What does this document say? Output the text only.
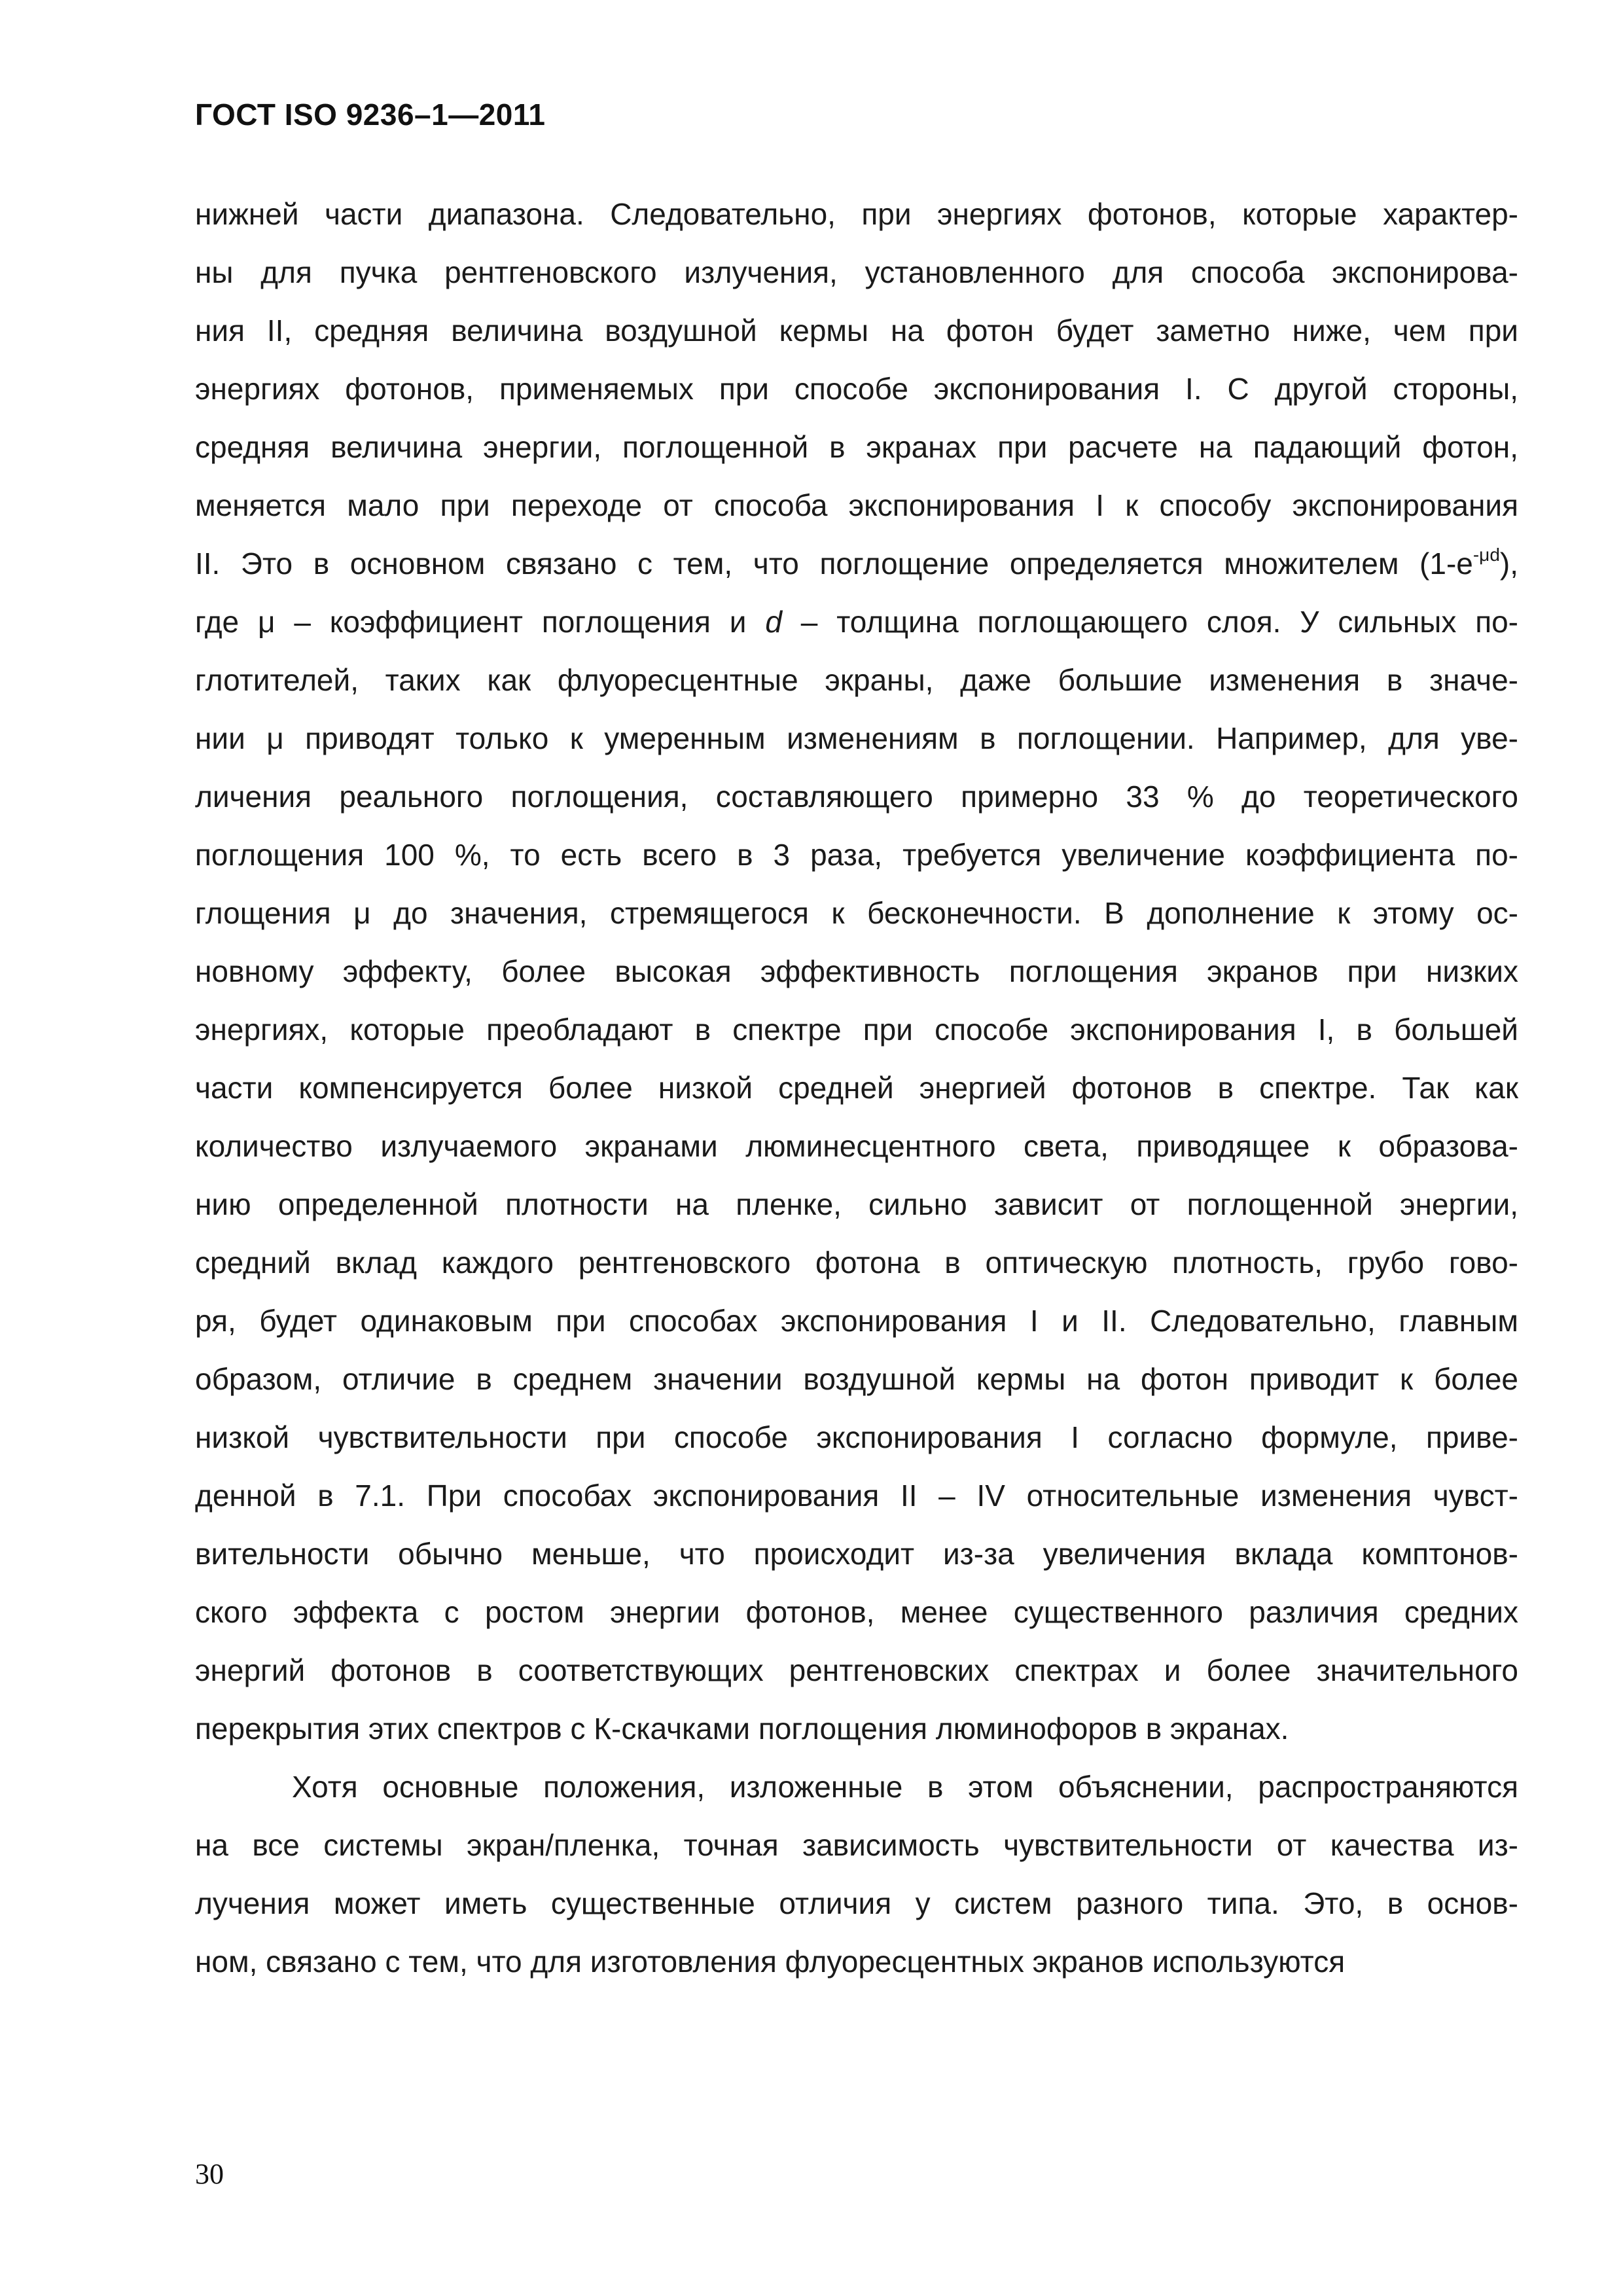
ГОСТ ISO 9236–1—2011
нижней части диапазона. Следовательно, при энергиях фотонов, которые характер-
ны для пучка рентгеновского излучения, установленного для способа экспонирова-
ния II, средняя величина воздушной кермы на фотон будет заметно ниже, чем при
энергиях фотонов, применяемых при способе экспонирования I. С другой стороны,
средняя величина энергии, поглощенной в экранах при расчете на падающий фотон,
меняется мало при переходе от способа экспонирования I к способу экспонирования
II. Это в основном связано с тем, что поглощение определяется множителем $(1-e^{-\mu d})$,
где μ – коэффициент поглощения и d – толщина поглощающего слоя. У сильных по-
глотителей, таких как флуоресцентные экраны, даже большие изменения в значе-
нии μ приводят только к умеренным изменениям в поглощении. Например, для уве-
личения реального поглощения, составляющего примерно 33 % до теоретического
поглощения 100 %, то есть всего в 3 раза, требуется увеличение коэффициента по-
глощения μ до значения, стремящегося к бесконечности. В дополнение к этому ос-
новному эффекту, более высокая эффективность поглощения экранов при низких
энергиях, которые преобладают в спектре при способе экспонирования I, в большей
части компенсируется более низкой средней энергией фотонов в спектре. Так как
количество излучаемого экранами люминесцентного света, приводящее к образова-
нию определенной плотности на пленке, сильно зависит от поглощенной энергии,
средний вклад каждого рентгеновского фотона в оптическую плотность, грубо гово-
ря, будет одинаковым при способах экспонирования I и II. Следовательно, главным
образом, отличие в среднем значении воздушной кермы на фотон приводит к более
низкой чувствительности при способе экспонирования I согласно формуле, приве-
денной в 7.1. При способах экспонирования II – IV относительные изменения чувст-
вительности обычно меньше, что происходит из-за увеличения вклада комптонов-
ского эффекта с ростом энергии фотонов, менее существенного различия средних
энергий фотонов в соответствующих рентгеновских спектрах и более значительного
перекрытия этих спектров с К-скачками поглощения люминофоров в экранах.
Хотя основные положения, изложенные в этом объяснении, распространяются
на все системы экран/пленка, точная зависимость чувствительности от качества из-
лучения может иметь существенные отличия у систем разного типа. Это, в основ-
ном, связано с тем, что для изготовления флуоресцентных экранов используются
30
